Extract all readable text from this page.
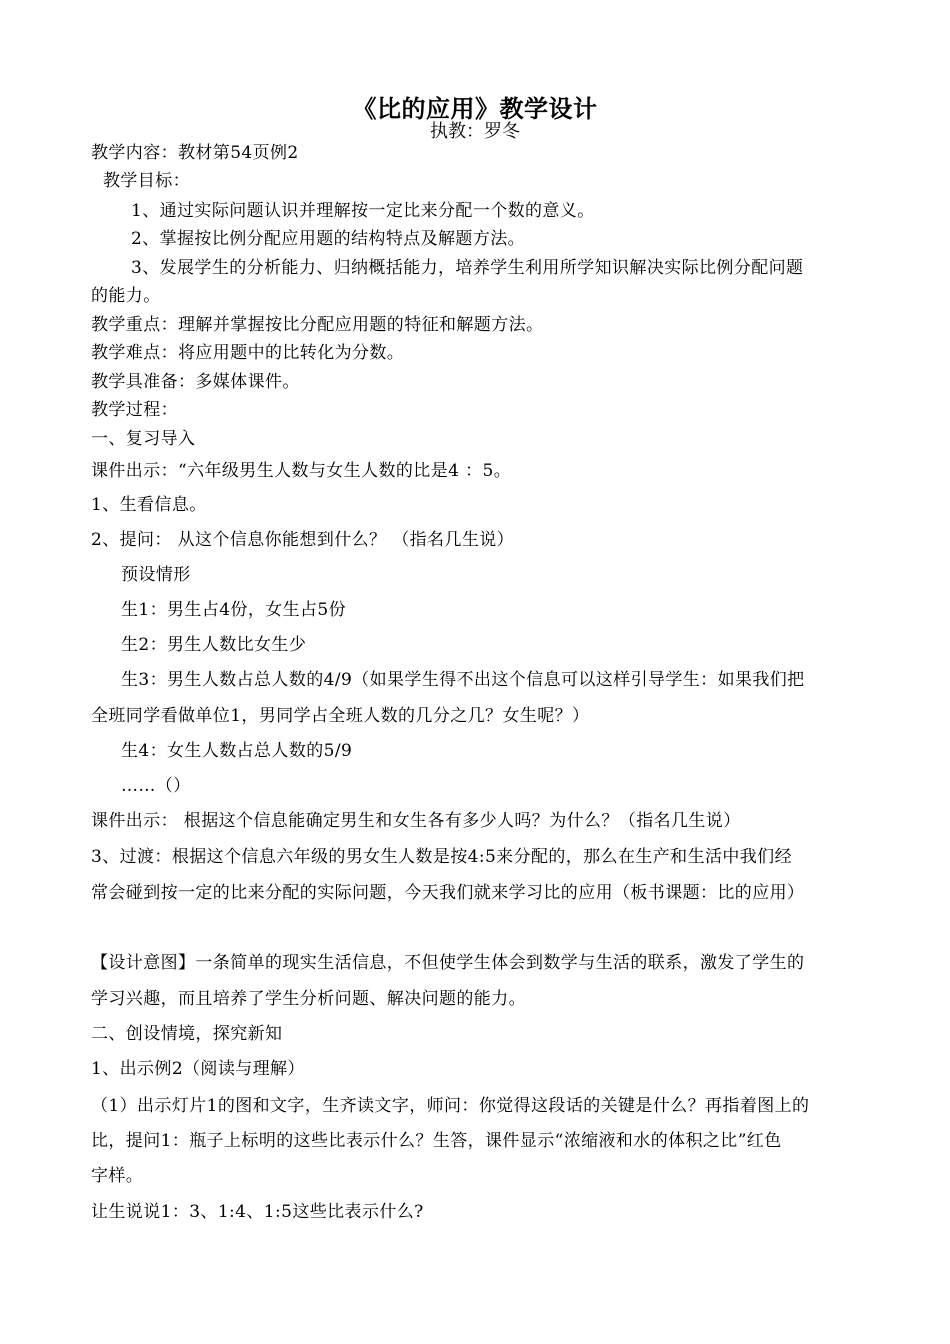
《比的应用》教学设计
执教：罗冬
教学内容：教材第54页例2
教学目标：
1、通过实际问题认识并理解按一定比来分配一个数的意义。
2、掌握按比例分配应用题的结构特点及解题方法。
3、发展学生的分析能力、归纳概括能力，培养学生利用所学知识解决实际比例分配问题
的能力。
教学重点：理解并掌握按比分配应用题的特征和解题方法。
教学难点：将应用题中的比转化为分数。
教学具准备：多媒体课件。
教学过程：
一、复习导入
课件出示：“六年级男生人数与女生人数的比是4 ：5。
1、生看信息。
2、提问： 从这个信息你能想到什么？ （指名几生说）
预设情形
生1：男生占4份，女生占5份
生2：男生人数比女生少
生3：男生人数占总人数的4/9（如果学生得不出这个信息可以这样引导学生：如果我们把
全班同学看做单位1，男同学占全班人数的几分之几？女生呢？）
生4：女生人数占总人数的5/9
……（）
课件出示： 根据这个信息能确定男生和女生各有多少人吗？为什么？（指名几生说）
3、过渡：根据这个信息六年级的男女生人数是按4:5来分配的，那么在生产和生活中我们经
常会碰到按一定的比来分配的实际问题，今天我们就来学习比的应用（板书课题：比的应用）
【设计意图】一条简单的现实生活信息，不但使学生体会到数学与生活的联系，激发了学生的
学习兴趣，而且培养了学生分析问题、解决问题的能力。
二、创设情境，探究新知
1、出示例2（阅读与理解）
（1）出示灯片1的图和文字，生齐读文字，师问：你觉得这段话的关键是什么？再指着图上的
比，提问1：瓶子上标明的这些比表示什么？生答，课件显示“浓缩液和水的体积之比”红色
字样。
让生说说1：3、1:4、1:5这些比表示什么?
